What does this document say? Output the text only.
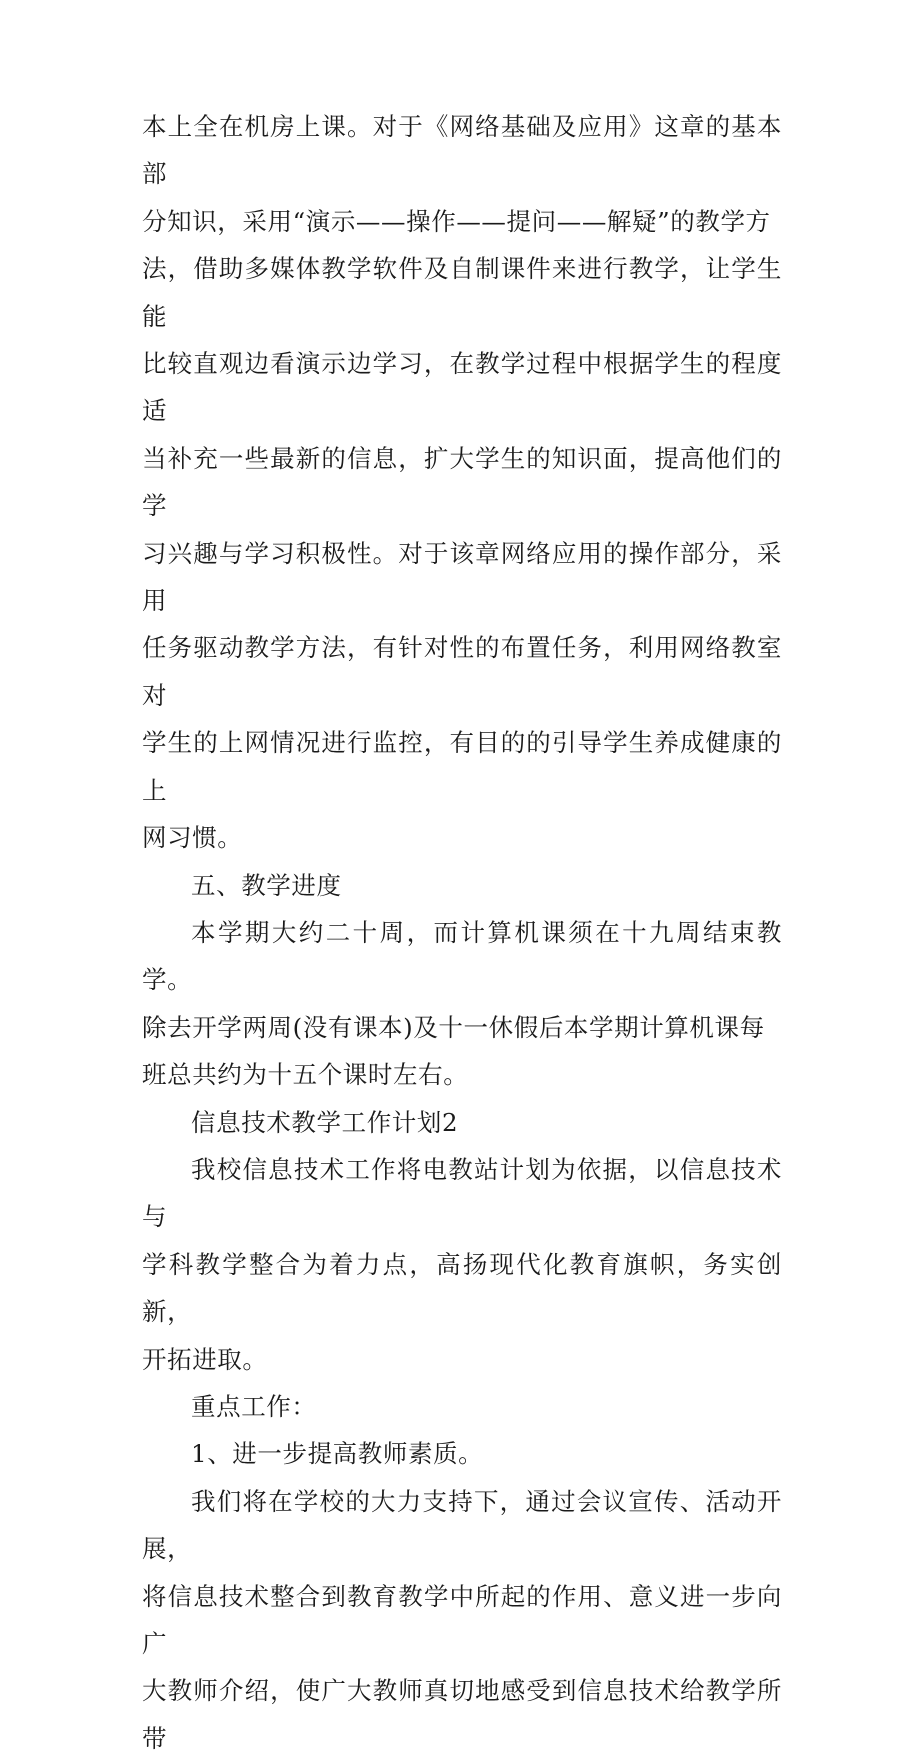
本上全在机房上课。对于《网络基础及应用》这章的基本部
分知识，采用“演示——操作——提问——解疑”的教学方
法，借助多媒体教学软件及自制课件来进行教学，让学生能
比较直观边看演示边学习，在教学过程中根据学生的程度适
当补充一些最新的信息，扩大学生的知识面，提高他们的学
习兴趣与学习积极性。对于该章网络应用的操作部分，采用
任务驱动教学方法，有针对性的布置任务，利用网络教室对
学生的上网情况进行监控，有目的的引导学生养成健康的上
网习惯。

五、教学进度

本学期大约二十周，而计算机课须在十九周结束教学。
除去开学两周(没有课本)及十一休假后本学期计算机课每
班总共约为十五个课时左右。

信息技术教学工作计划2

我校信息技术工作将电教站计划为依据，以信息技术与
学科教学整合为着力点，高扬现代化教育旗帜，务实创新，
开拓进取。

重点工作：

1、进一步提高教师素质。

我们将在学校的大力支持下，通过会议宣传、活动开展，
将信息技术整合到教育教学中所起的作用、意义进一步向广
大教师介绍，使广大教师真切地感受到信息技术给教学所带
